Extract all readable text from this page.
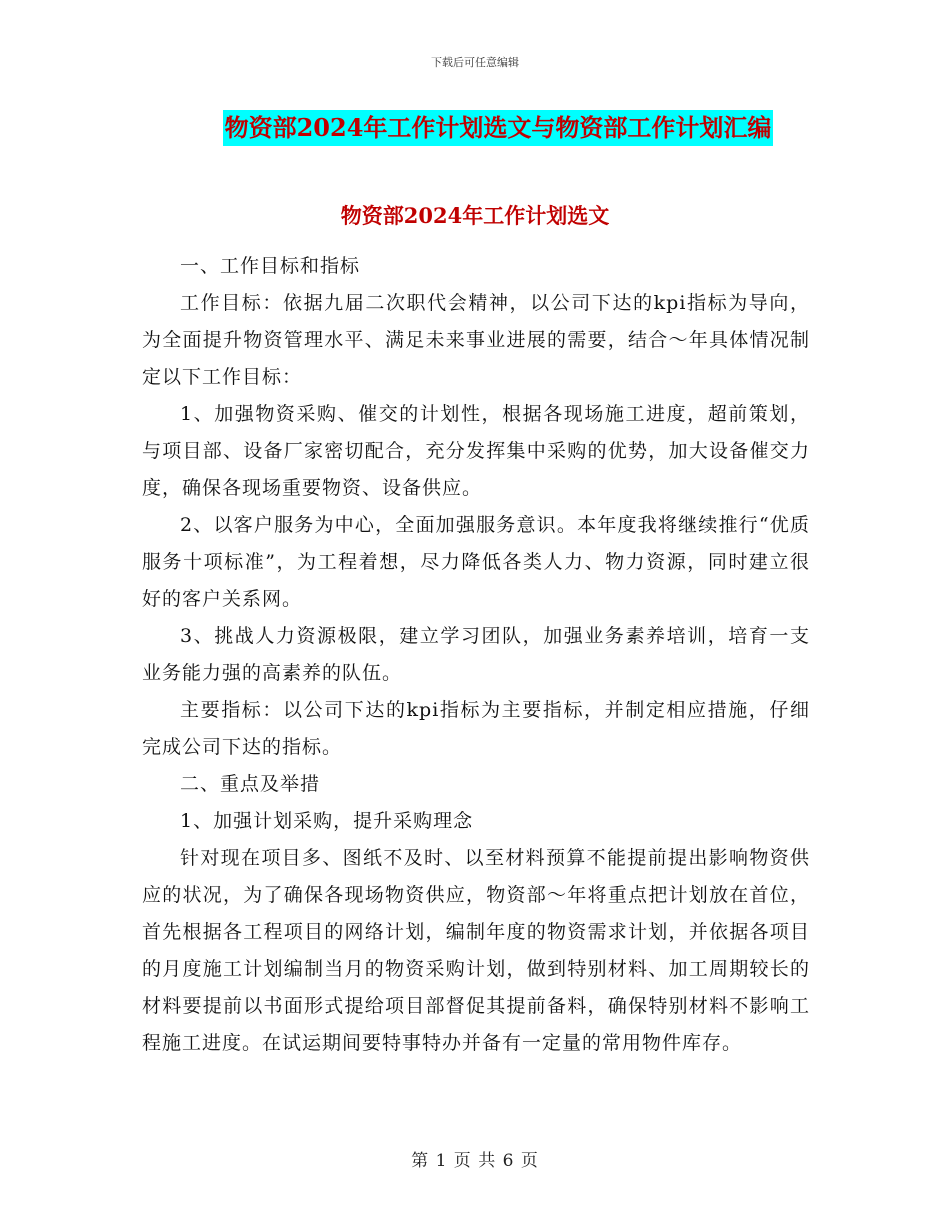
下载后可任意编辑
物资部2024年工作计划选文与物资部工作计划汇编
物资部2024年工作计划选文

一、工作目标和指标

工作目标：依据九届二次职代会精神，以公司下达的kpi指标为导向，为全面提升物资管理水平、满足未来事业进展的需要，结合～年具体情况制定以下工作目标：

1、加强物资采购、催交的计划性，根据各现场施工进度，超前策划，与项目部、设备厂家密切配合，充分发挥集中采购的优势，加大设备催交力度，确保各现场重要物资、设备供应。

2、以客户服务为中心，全面加强服务意识。本年度我将继续推行“优质服务十项标准”，为工程着想，尽力降低各类人力、物力资源，同时建立很好的客户关系网。

3、挑战人力资源极限，建立学习团队，加强业务素养培训，培育一支业务能力强的高素养的队伍。

主要指标：以公司下达的kpi指标为主要指标，并制定相应措施，仔细完成公司下达的指标。

二、重点及举措

1、加强计划采购，提升采购理念

针对现在项目多、图纸不及时、以至材料预算不能提前提出影响物资供应的状况，为了确保各现场物资供应，物资部～年将重点把计划放在首位，首先根据各工程项目的网络计划，编制年度的物资需求计划，并依据各项目的月度施工计划编制当月的物资采购计划，做到特别材料、加工周期较长的材料要提前以书面形式提给项目部督促其提前备料，确保特别材料不影响工程施工进度。在试运期间要特事特办并备有一定量的常用物件库存。

第 1 页 共 6 页
